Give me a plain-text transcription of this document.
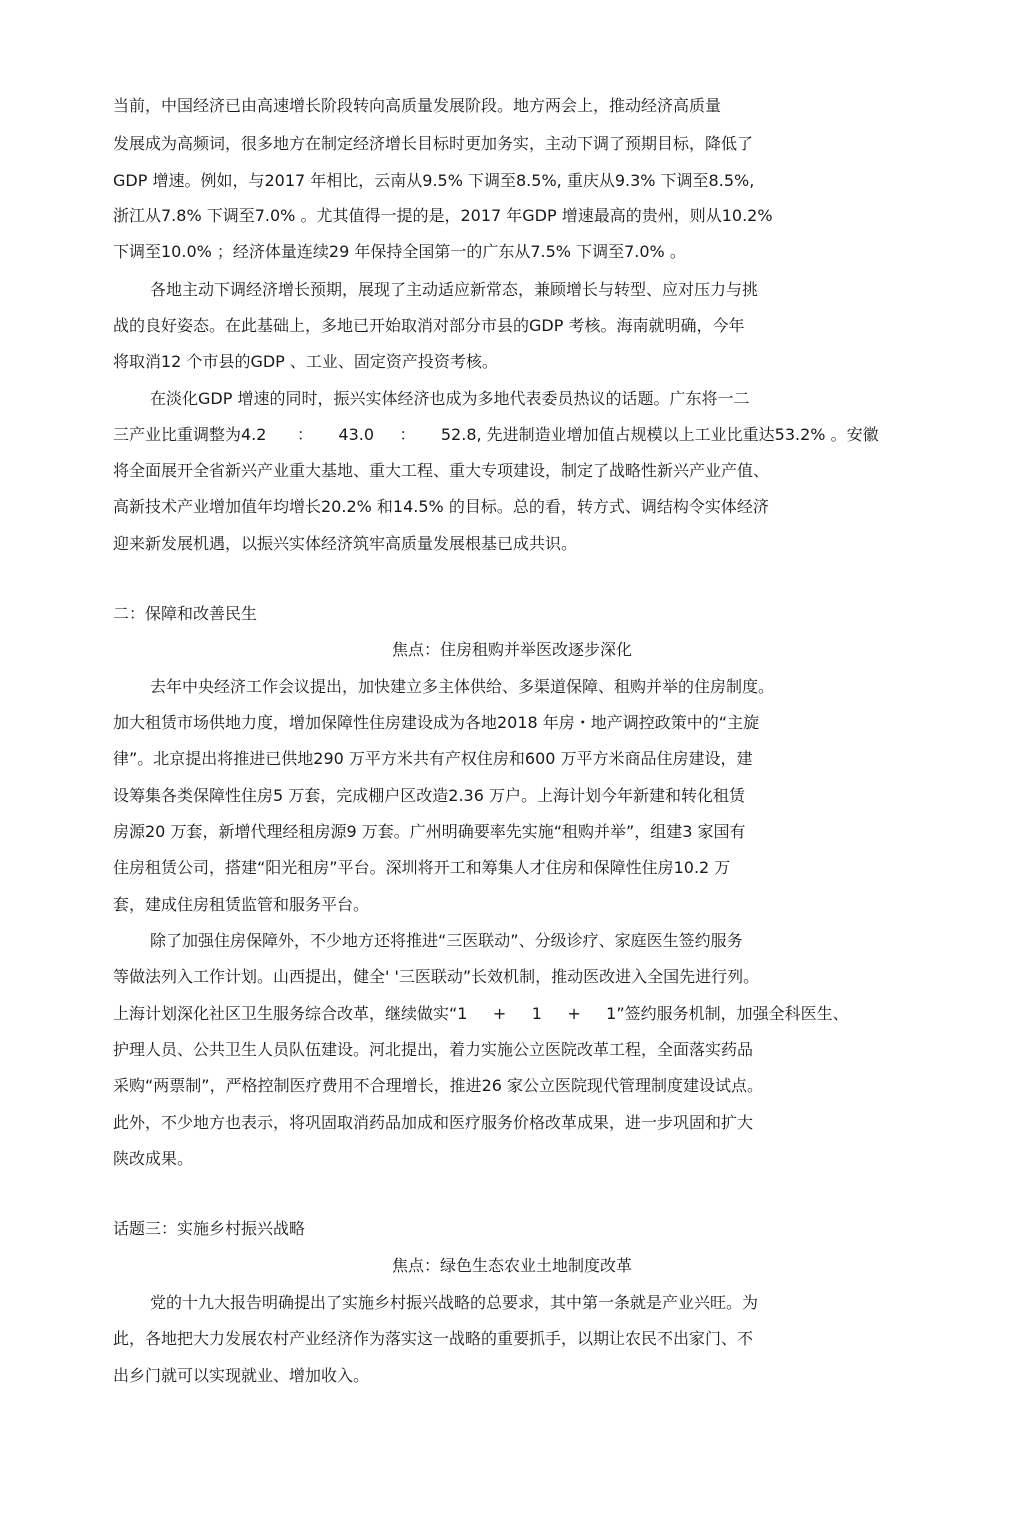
当前，中国经济已由高速增长阶段转向高质量发展阶段。地方两会上，推动经济高质量
发展成为高频词，很多地方在制定经济增长目标时更加务实，主动下调了预期目标，降低了
GDP 增速。例如，与2017 年相比，云南从9.5% 下调至8.5%, 重庆从9.3% 下调至8.5%,
浙江从7.8% 下调至7.0% 。尤其值得一提的是，2017 年GDP 增速最高的贵州，则从10.2%
下调至10.0% ；经济体量连续29 年保持全国第一的广东从7.5% 下调至7.0% 。
各地主动下调经济增长预期，展现了主动适应新常态，兼顾增长与转型、应对压力与挑
战的良好姿态。在此基础上，多地已开始取消对部分市县的GDP 考核。海南就明确，今年
将取消12 个市县的GDP 、工业、固定资产投资考核。
在淡化GDP 增速的同时，振兴实体经济也成为多地代表委员热议的话题。广东将一二
三产业比重调整为4.2      ：     43.0     ：     52.8, 先进制造业增加值占规模以上工业比重达53.2% 。安徽
将全面展开全省新兴产业重大基地、重大工程、重大专项建设，制定了战略性新兴产业产值、
高新技术产业增加值年均增长20.2% 和14.5% 的目标。总的看，转方式、调结构令实体经济
迎来新发展机遇，以振兴实体经济筑牢高质量发展根基已成共识。
二：保障和改善民生
焦点：住房租购并举医改逐步深化
去年中央经济工作会议提出，加快建立多主体供给、多渠道保障、租购并举的住房制度。
加大租赁市场供地力度，增加保障性住房建设成为各地2018 年房・地产调控政策中的“主旋
律”。北京提出将推进已供地290 万平方米共有产权住房和600 万平方米商品住房建设，建
设筹集各类保障性住房5 万套，完成棚户区改造2.36 万户。上海计划今年新建和转化租赁
房源20 万套，新增代理经租房源9 万套。广州明确要率先实施“租购并举”，组建3 家国有
住房租赁公司，搭建“阳光租房”平台。深圳将开工和筹集人才住房和保障性住房10.2 万
套，建成住房租赁监管和服务平台。
除了加强住房保障外，不少地方还将推进“三医联动”、分级诊疗、家庭医生签约服务
等做法列入工作计划。山西提出，健全' '三医联动”长效机制，推动医改进入全国先进行列。
上海计划深化社区卫生服务综合改革，继续做实“1     +     1     +     1”签约服务机制，加强全科医生、
护理人员、公共卫生人员队伍建设。河北提出，着力实施公立医院改革工程，全面落实药品
采购“两票制”，严格控制医疗费用不合理增长，推进26 家公立医院现代管理制度建设试点。
此外，不少地方也表示，将巩固取消药品加成和医疗服务价格改革成果，进一步巩固和扩大
陕改成果。
话题三：实施乡村振兴战略
焦点：绿色生态农业土地制度改革
党的十九大报告明确提出了实施乡村振兴战略的总要求，其中第一条就是产业兴旺。为
此，各地把大力发展农村产业经济作为落实这一战略的重要抓手，以期让农民不出家门、不
出乡门就可以实现就业、增加收入。
